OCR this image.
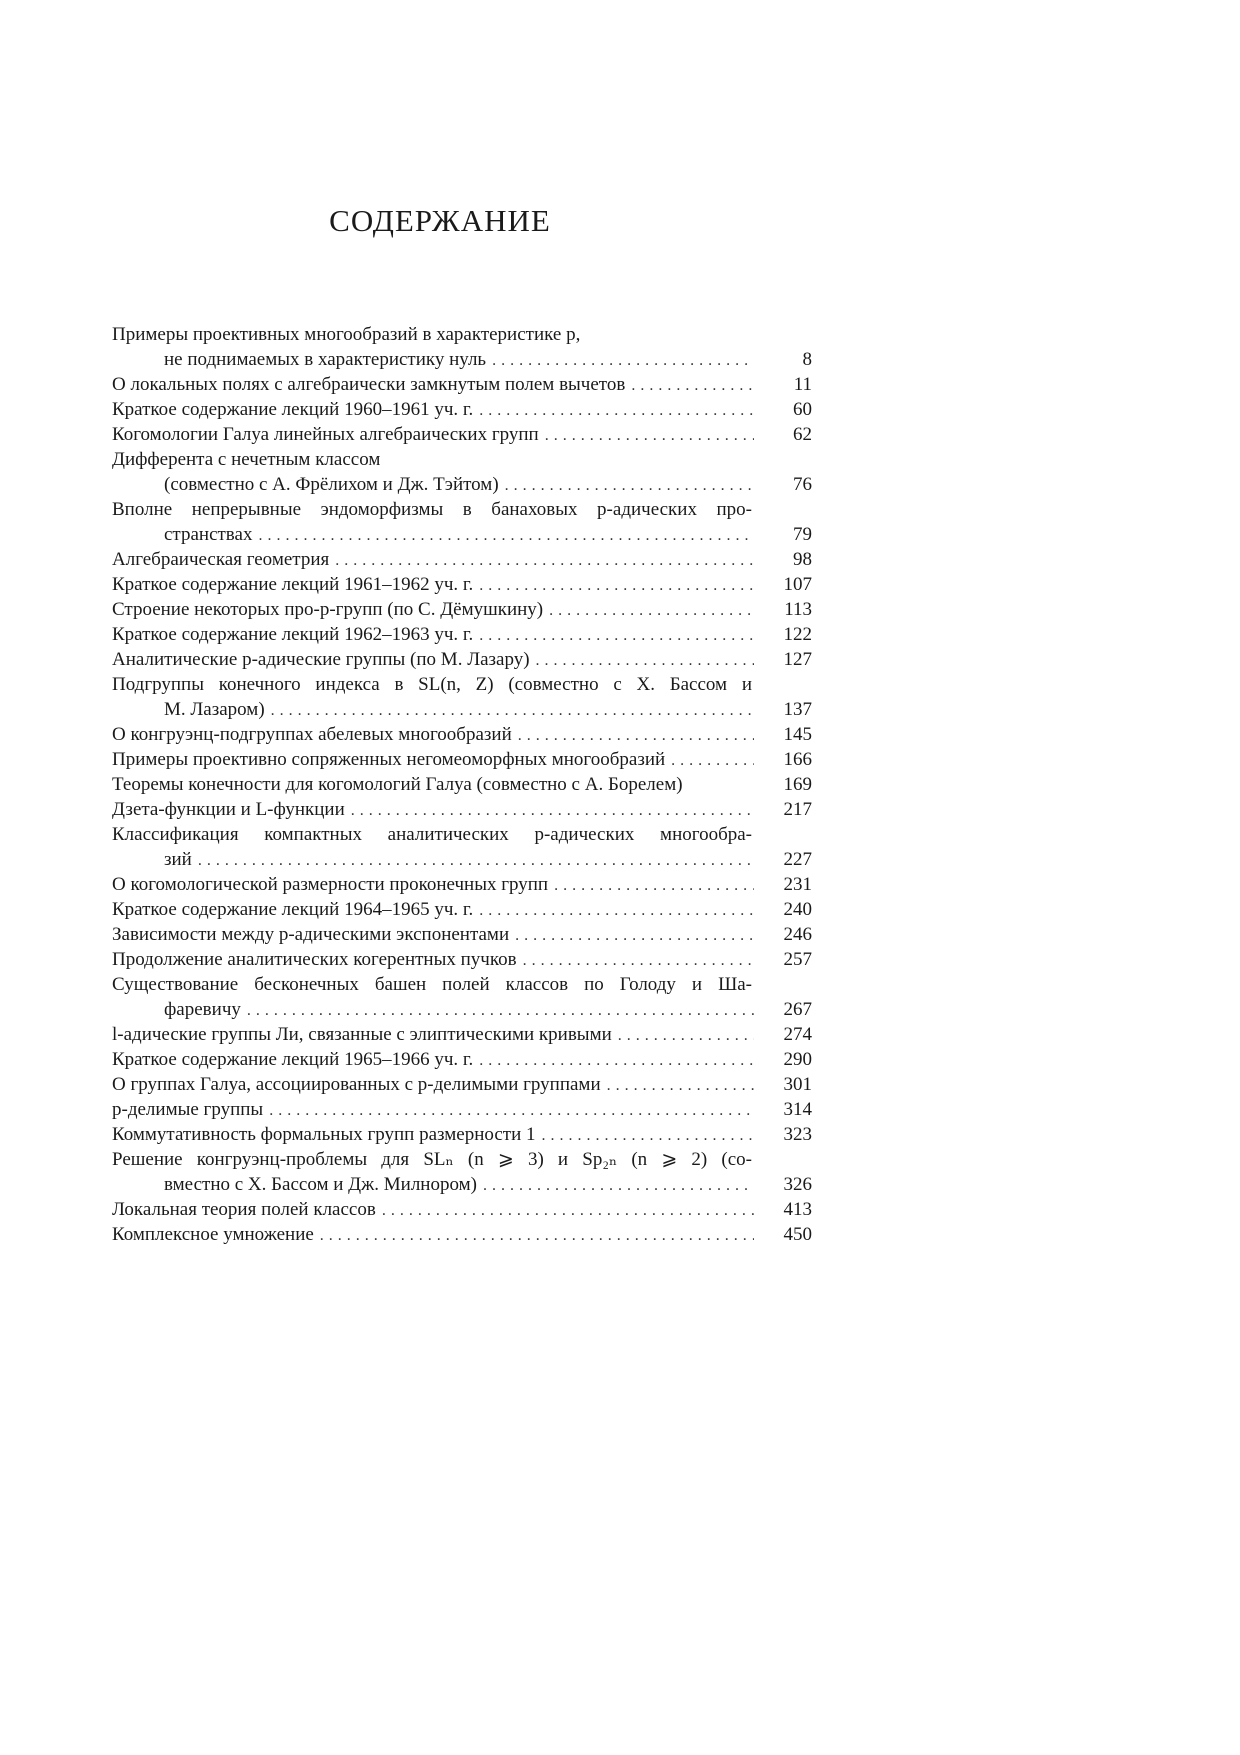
СОДЕРЖАНИЕ
Примеры проективных многообразий в характеристике p,
не поднимаемых в характеристику нуль . . .	8
О локальных полях с алгебраически замкнутым полем вычетов . . .	11
Краткое содержание лекций 1960–1961 уч. г. . . .	60
Когомологии Галуа линейных алгебраических групп . . .	62
Дифферента с нечетным классом
(совместно с А. Фрёлихом и Дж. Тэйтом) . . .	76
Вполне непрерывные эндоморфизмы в банаховых p-адических про-
странствах . . .	79
Алгебраическая геометрия . . .	98
Краткое содержание лекций 1961–1962 уч. г. . . .	107
Строение некоторых про-p-групп (по С. Дёмушкину) . . .	113
Краткое содержание лекций 1962–1963 уч. г. . . .	122
Аналитические p-адические группы (по М. Лазару) . . .	127
Подгруппы конечного индекса в SL(n, Z) (совместно с Х. Бассом и
М. Лазаром) . . .	137
О конгруэнц-подгруппах абелевых многообразий . . .	145
Примеры проективно сопряженных негомеоморфных многообразий . . .	166
Теоремы конечности для когомологий Галуа (совместно с А. Борелем)	169
Дзета-функции и L-функции . . .	217
Классификация компактных аналитических p-адических многообра-
зий . . .	227
О когомологической размерности проконечных групп . . .	231
Краткое содержание лекций 1964–1965 уч. г. . . .	240
Зависимости между p-адическими экспонентами . . .	246
Продолжение аналитических когерентных пучков . . .	257
Существование бесконечных башен полей классов по Голоду и Ша-
фаревичу . . .	267
l-адические группы Ли, связанные с элиптическими кривыми . . .	274
Краткое содержание лекций 1965–1966 уч. г. . . .	290
О группах Галуа, ассоциированных с p-делимыми группами . . .	301
p-делимые группы . . .	314
Коммутативность формальных групп размерности 1 . . .	323
Решение конгруэнц-проблемы для SLₙ (n ⩾ 3) и Sp₂ₙ (n ⩾ 2) (со-
вместно с Х. Бассом и Дж. Милнором) . . .	326
Локальная теория полей классов . . .	413
Комплексное умножение . . .	450
